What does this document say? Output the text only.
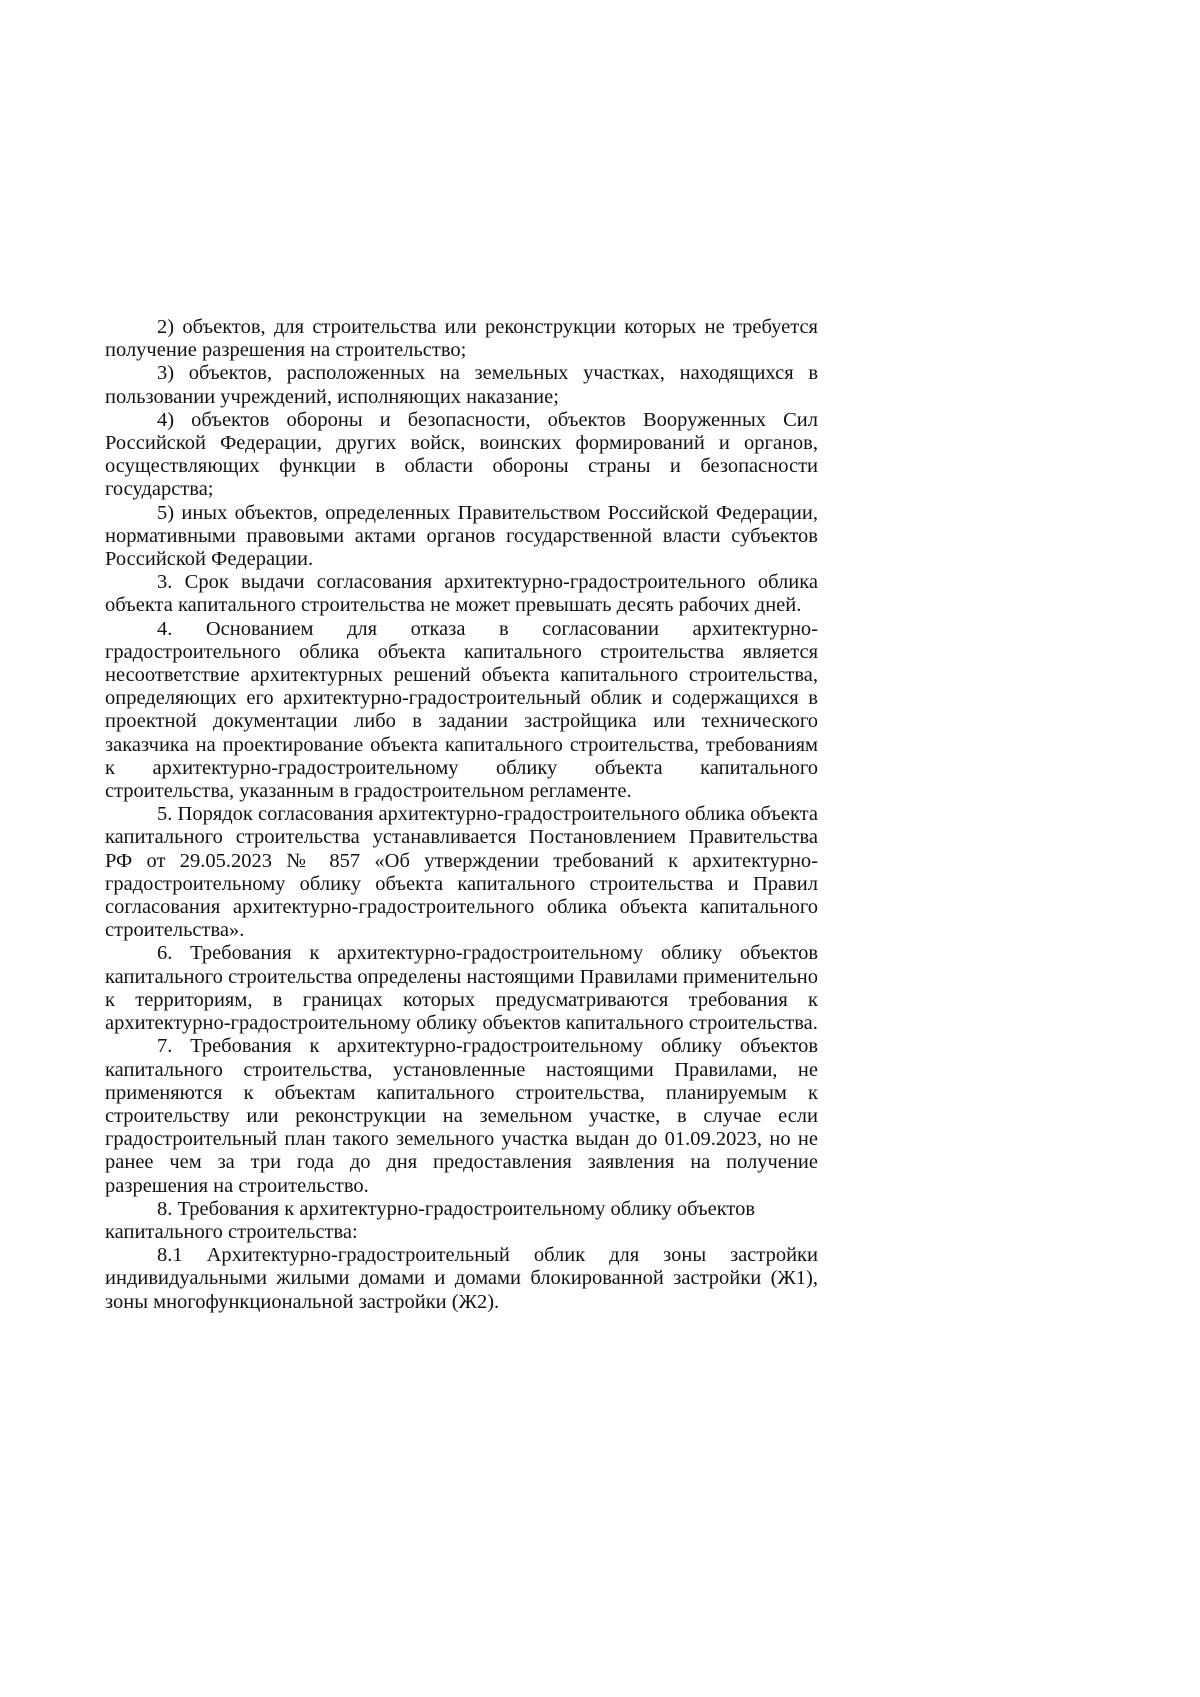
2) объектов, для строительства или реконструкции которых не требуется получение разрешения на строительство;

3) объектов, расположенных на земельных участках, находящихся в пользовании учреждений, исполняющих наказание;

4) объектов обороны и безопасности, объектов Вооруженных Сил Российской Федерации, других войск, воинских формирований и органов, осуществляющих функции в области обороны страны и безопасности государства;

5) иных объектов, определенных Правительством Российской Федерации, нормативными правовыми актами органов государственной власти субъектов Российской Федерации.

3. Срок выдачи согласования архитектурно-градостроительного облика объекта капитального строительства не может превышать десять рабочих дней.

4. Основанием для отказа в согласовании архитектурно-градостроительного облика объекта капитального строительства является несоответствие архитектурных решений объекта капитального строительства, определяющих его архитектурно-градостроительный облик и содержащихся в проектной документации либо в задании застройщика или технического заказчика на проектирование объекта капитального строительства, требованиям к архитектурно-градостроительному облику объекта капитального строительства, указанным в градостроительном регламенте.

5. Порядок согласования архитектурно-градостроительного облика объекта капитального строительства устанавливается Постановлением Правительства РФ от 29.05.2023 № 857 «Об утверждении требований к архитектурно-градостроительному облику объекта капитального строительства и Правил согласования архитектурно-градостроительного облика объекта капитального строительства».

6. Требования к архитектурно-градостроительному облику объектов капитального строительства определены настоящими Правилами применительно к территориям, в границах которых предусматриваются требования к архитектурно-градостроительному облику объектов капитального строительства.

7. Требования к архитектурно-градостроительному облику объектов капитального строительства, установленные настоящими Правилами, не применяются к объектам капитального строительства, планируемым к строительству или реконструкции на земельном участке, в случае если градостроительный план такого земельного участка выдан до 01.09.2023, но не ранее чем за три года до дня предоставления заявления на получение разрешения на строительство.

8. Требования к архитектурно-градостроительному облику объектов капитального строительства:

8.1 Архитектурно-градостроительный облик для зоны застройки индивидуальными жилыми домами и домами блокированной застройки (Ж1), зоны многофункциональной застройки (Ж2).
